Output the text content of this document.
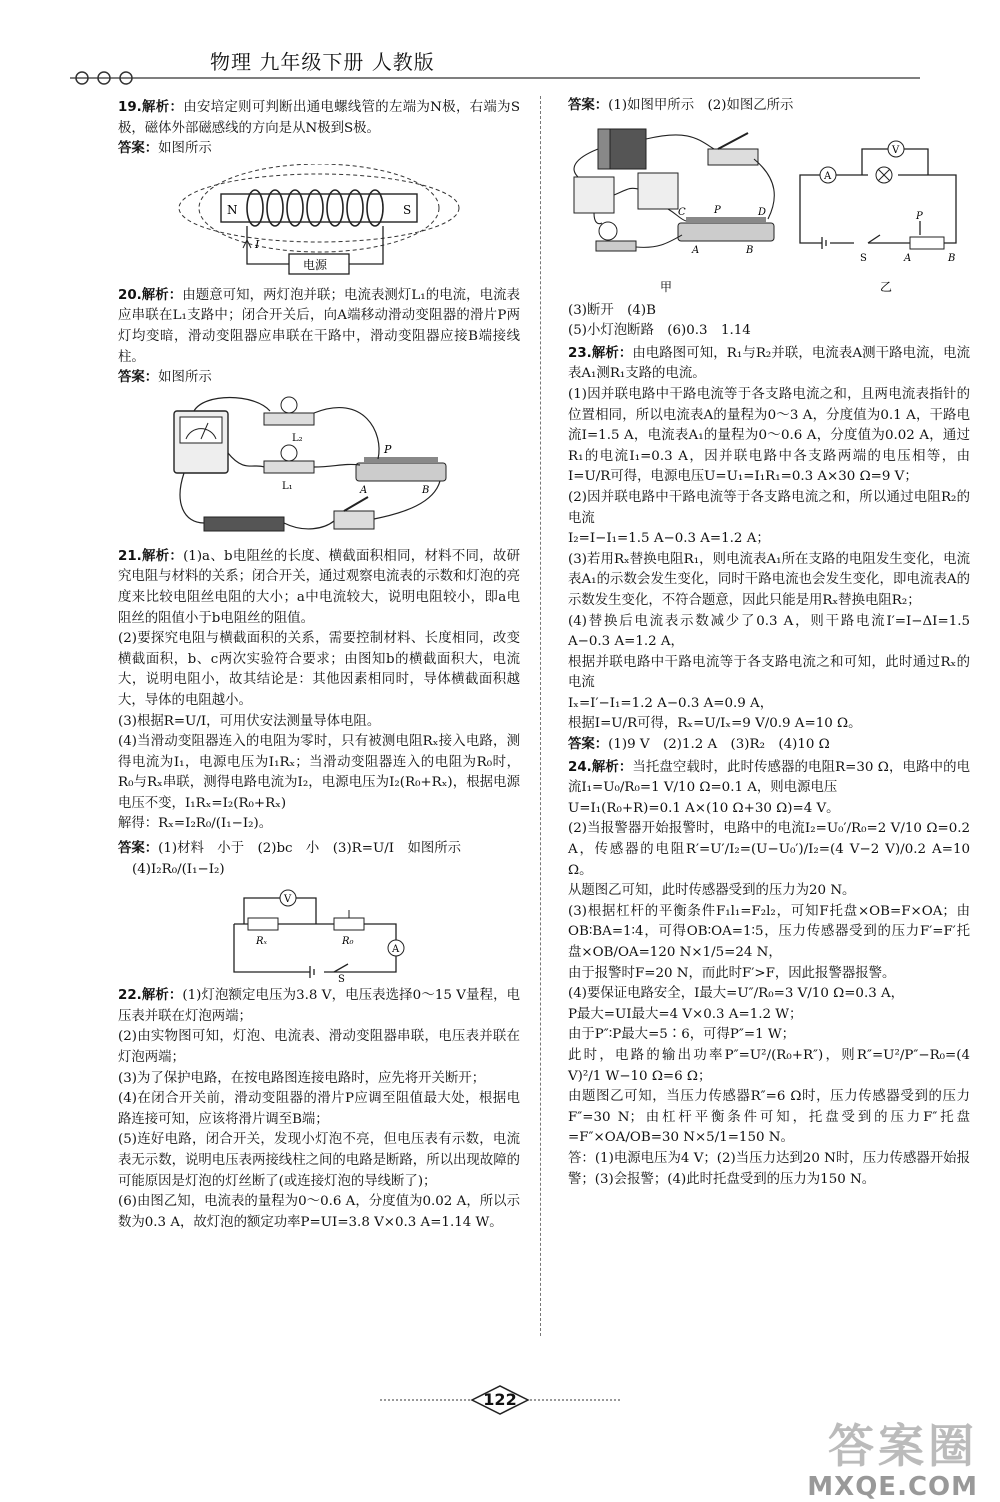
物理 九年级下册 人教版

19.解析：由安培定则可判断出通电螺线管的左端为N极，右端为S极，磁体外部磁感线的方向是从N极到S极。

答案：如图所示

N	S
I
电源

20.解析：由题意可知，两灯泡并联；电流表测灯L₁的电流，电流表应串联在L₁支路中；闭合开关后，向A端移动滑动变阻器的滑片P两灯均变暗，滑动变阻器应串联在干路中，滑动变阻器应接B端接线柱。

答案：如图所示

L₂
L₁
P
A	B

21.解析：(1)a、b电阻丝的长度、横截面积相同，材料不同，故研究电阻与材料的关系；闭合开关，通过观察电流表的示数和灯泡的亮度来比较电阻丝电阻的大小；a中电流较大，说明电阻较小，即a电阻丝的阻值小于b电阻丝的阻值。

(2)要探究电阻与横截面积的关系，需要控制材料、长度相同，改变横截面积，b、c两次实验符合要求；由图知b的横截面积大，电流大，说明电阻小，故其结论是：其他因素相同时，导体横截面积越大，导体的电阻越小。

(3)根据R=U/I，可用伏安法测量导体电阻。

(4)当滑动变阻器连入的电阻为零时，只有被测电阻Rₓ接入电路，测得电流为I₁，电源电压为I₁Rₓ；当滑动变阻器连入的电阻为R₀时，R₀与Rₓ串联，测得电路电流为I₂，电源电压为I₂(R₀+Rₓ)，根据电源电压不变，I₁Rₓ=I₂(R₀+Rₓ)

解得：Rₓ=I₂R₀/(I₁−I₂)。

答案：(1)材料　小于　(2)bc　小　(3)R=U/I　如图所示

(4)I₂R₀/(I₁−I₂)

V
Rₓ	R₀
A
S

22.解析：(1)灯泡额定电压为3.8 V，电压表选择0～15 V量程，电压表并联在灯泡两端；

(2)由实物图可知，灯泡、电流表、滑动变阻器串联，电压表并联在灯泡两端；

(3)为了保护电路，在按电路图连接电路时，应先将开关断开；

(4)在闭合开关前，滑动变阻器的滑片P应调至阻值最大处，根据电路连接可知，应该将滑片调至B端；

(5)连好电路，闭合开关，发现小灯泡不亮，但电压表有示数，电流表无示数，说明电压表两接线柱之间的电路是断路，所以出现故障的可能原因是灯泡的灯丝断了(或连接灯泡的导线断了)；

(6)由图乙知，电流表的量程为0～0.6 A，分度值为0.02 A，所以示数为0.3 A，故灯泡的额定功率P=UI=3.8 V×0.3 A=1.14 W。

答案：(1)如图甲所示　(2)如图乙所示

C	P	D
A	B
甲
A
V
P
A	B
S
乙

(3)断开　(4)B

(5)小灯泡断路　(6)0.3　1.14

23.解析：由电路图可知，R₁与R₂并联，电流表A测干路电流，电流表A₁测R₁支路的电流。

(1)因并联电路中干路电流等于各支路电流之和，且两电流表指针的位置相同，所以电流表A的量程为0～3 A，分度值为0.1 A，干路电流I=1.5 A，电流表A₁的量程为0～0.6 A，分度值为0.02 A，通过R₁的电流I₁=0.3 A，因并联电路中各支路两端的电压相等，由I=U/R可得，电源电压U=U₁=I₁R₁=0.3 A×30 Ω=9 V；

(2)因并联电路中干路电流等于各支路电流之和，所以通过电阻R₂的电流

I₂=I−I₁=1.5 A−0.3 A=1.2 A；

(3)若用Rₓ替换电阻R₁，则电流表A₁所在支路的电阻发生变化，电流表A₁的示数会发生变化，同时干路电流也会发生变化，即电流表A的示数发生变化，不符合题意，因此只能是用Rₓ替换电阻R₂；

(4)替换后电流表示数减少了0.3 A，则干路电流I′=I−ΔI=1.5 A−0.3 A=1.2 A，

根据并联电路中干路电流等于各支路电流之和可知，此时通过Rₓ的电流

Iₓ=I′−I₁=1.2 A−0.3 A=0.9 A，

根据I=U/R可得，Rₓ=U/Iₓ=9 V/0.9 A=10 Ω。

答案：(1)9 V　(2)1.2 A　(3)R₂　(4)10 Ω

24.解析：当托盘空载时，此时传感器的电阻R=30 Ω，电路中的电流I₁=U₀/R₀=1 V/10 Ω=0.1 A，则电源电压

U=I₁(R₀+R)=0.1 A×(10 Ω+30 Ω)=4 V。

(2)当报警器开始报警时，电路中的电流I₂=U₀′/R₀=2 V/10 Ω=0.2 A，传感器的电阻R′=U′/I₂=(U−U₀′)/I₂=(4 V−2 V)/0.2 A=10 Ω。

从题图乙可知，此时传感器受到的压力为20 N。

(3)根据杠杆的平衡条件F₁l₁=F₂l₂，可知F托盘×OB=F×OA；由OB∶BA=1∶4，可得OB∶OA=1∶5，压力传感器受到的压力F′=F′托盘×OB/OA=120 N×1/5=24 N，

由于报警时F=20 N，而此时F′>F，因此报警器报警。

(4)要保证电路安全，I最大=U″/R₀=3 V/10 Ω=0.3 A，

P最大=UI最大=4 V×0.3 A=1.2 W；

由于P″∶P最大=5∶6，可得P″=1 W；

此时，电路的输出功率P″=U²/(R₀+R″)，则R″=U²/P″−R₀=(4 V)²/1 W−10 Ω=6 Ω；

由题图乙可知，当压力传感器R″=6 Ω时，压力传感器受到的压力F″=30 N；由杠杆平衡条件可知，托盘受到的压力F″托盘=F″×OA/OB=30 N×5/1=150 N。

答：(1)电源电压为4 V；(2)当压力达到20 N时，压力传感器开始报警；(3)会报警；(4)此时托盘受到的压力为150 N。

122
答案圈
MXQE.COM
